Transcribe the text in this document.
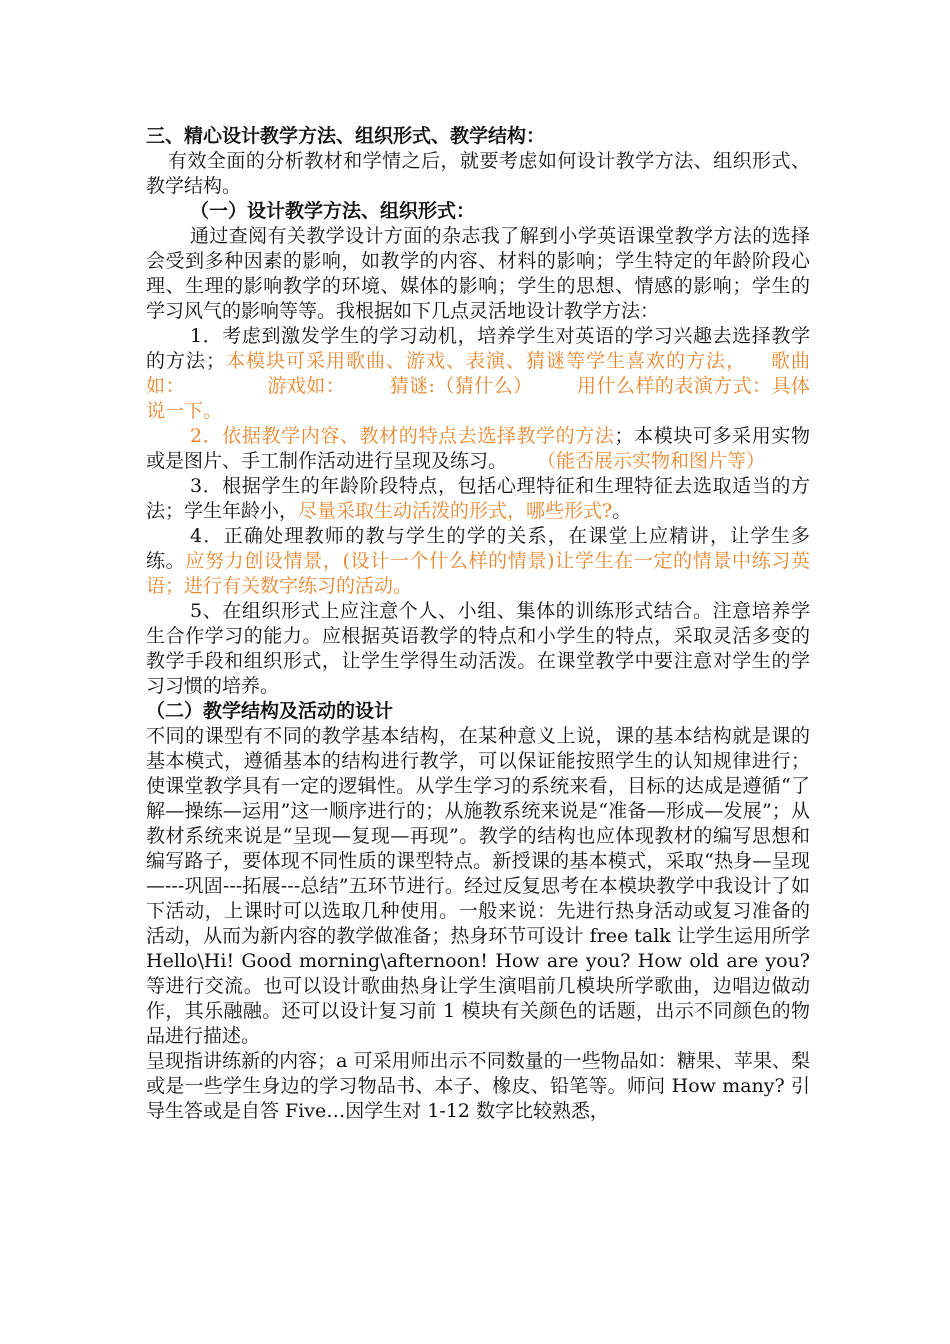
三、精心设计教学方法、组织形式、教学结构：

有效全面的分析教材和学情之后，就要考虑如何设计教学方法、组织形式、教学结构。

（一）设计教学方法、组织形式：

通过查阅有关教学设计方面的杂志我了解到小学英语课堂教学方法的选择会受到多种因素的影响，如教学的内容、材料的影响；学生特定的年龄阶段心理、生理的影响教学的环境、媒体的影响；学生的思想、情感的影响；学生的学习风气的影响等等。我根据如下几点灵活地设计教学方法：

1．考虑到激发学生的学习动机，培养学生对英语的学习兴趣去选择教学的方法；本模块可采用歌曲、游戏、表演、猜谜等学生喜欢的方法， 歌曲如：	游戏如： 猜谜:（猜什么） 用什么样的表演方式：具体说一下。

2．依据教学内容、教材的特点去选择教学的方法；本模块可多采用实物或是图片、手工制作活动进行呈现及练习。 （能否展示实物和图片等）

3．根据学生的年龄阶段特点，包括心理特征和生理特征去选取适当的方法；学生年龄小，尽量采取生动活泼的形式，哪些形式?。

4．正确处理教师的教与学生的学的关系，在课堂上应精讲，让学生多练。应努力创设情景，(设计一个什么样的情景)让学生在一定的情景中练习英语；进行有关数字练习的活动。

5、在组织形式上应注意个人、小组、集体的训练形式结合。注意培养学生合作学习的能力。应根据英语教学的特点和小学生的特点，采取灵活多变的教学手段和组织形式，让学生学得生动活泼。在课堂教学中要注意对学生的学习习惯的培养。

（二）教学结构及活动的设计

不同的课型有不同的教学基本结构，在某种意义上说，课的基本结构就是课的基本模式，遵循基本的结构进行教学，可以保证能按照学生的认知规律进行；使课堂教学具有一定的逻辑性。从学生学习的系统来看，目标的达成是遵循“了解—操练—运用”这一顺序进行的；从施教系统来说是“准备—形成—发展”；从教材系统来说是“呈现—复现—再现”。教学的结构也应体现教材的编写思想和编写路子，要体现不同性质的课型特点。新授课的基本模式，采取“热身—呈现—---巩固---拓展---总结”五环节进行。经过反复思考在本模块教学中我设计了如下活动，上课时可以选取几种使用。一般来说：先进行热身活动或复习准备的活动，从而为新内容的教学做准备；热身环节可设计 free talk 让学生运用所学 Hello\Hi! Good morning\afternoon! How are you? How old are you? 等进行交流。也可以设计歌曲热身让学生演唱前几模块所学歌曲，边唱边做动作，其乐融融。还可以设计复习前 1 模块有关颜色的话题，出示不同颜色的物品进行描述。

呈现指讲练新的内容；a 可采用师出示不同数量的一些物品如：糖果、苹果、梨或是一些学生身边的学习物品书、本子、橡皮、铅笔等。师问 How many? 引导生答或是自答 Five…因学生对 1-12 数字比较熟悉，
